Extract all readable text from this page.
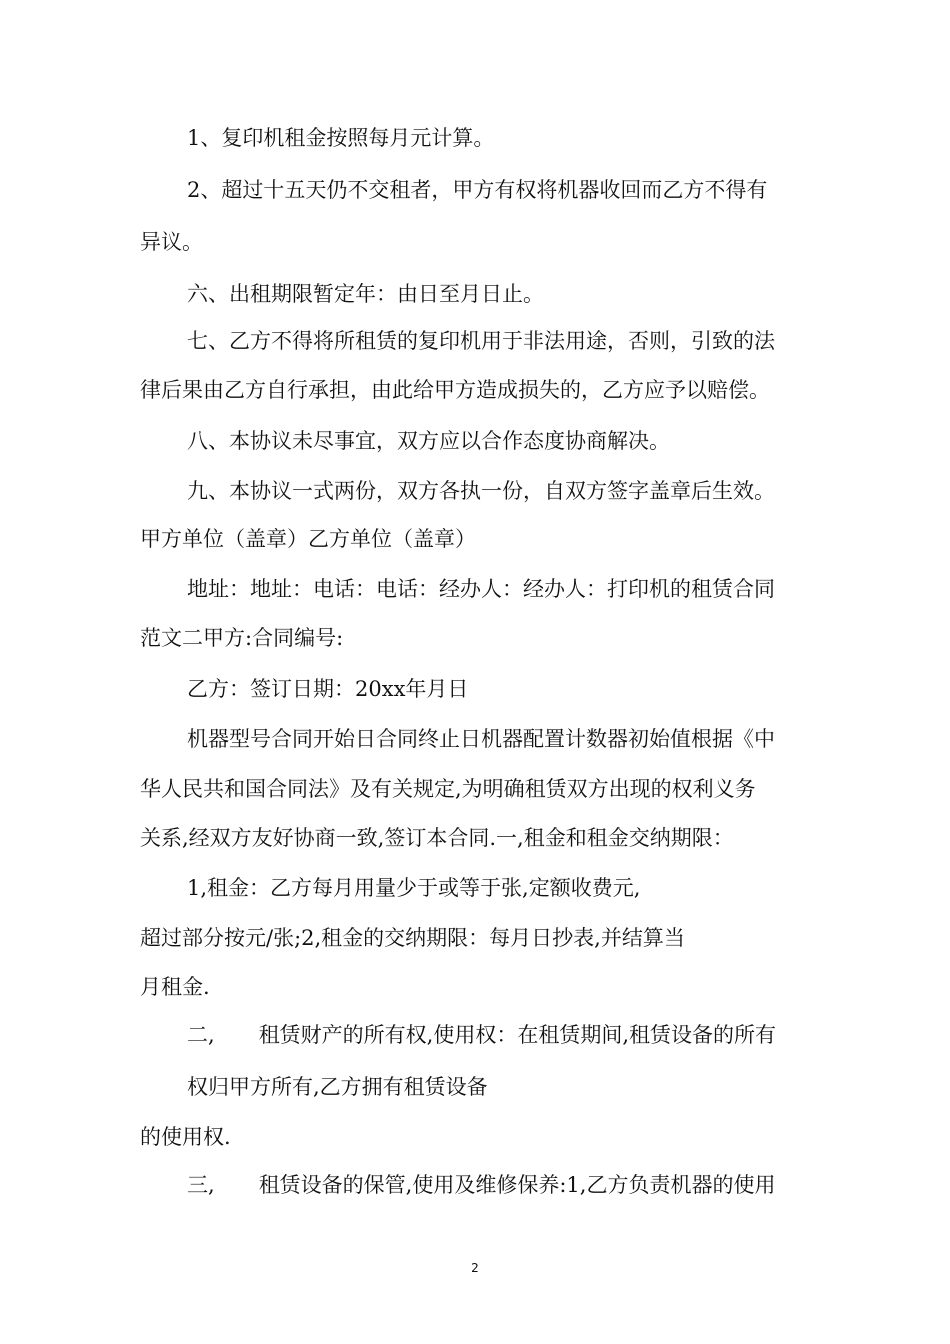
1、复印机租金按照每月元计算。

2、超过十五天仍不交租者，甲方有权将机器收回而乙方不得有

异议。

六、出租期限暂定年：由日至月日止。

七、乙方不得将所租赁的复印机用于非法用途，否则，引致的法

律后果由乙方自行承担，由此给甲方造成损失的，乙方应予以赔偿。

八、本协议未尽事宜，双方应以合作态度协商解决。

九、本协议一式两份，双方各执一份，自双方签字盖章后生效。

甲方单位（盖章）乙方单位（盖章）

地址：地址：电话：电话：经办人：经办人：打印机的租赁合同

范文二甲方:合同编号:

乙方：签订日期：20xx年月日

机器型号合同开始日合同终止日机器配置计数器初始值根据《中

华人民共和国合同法》及有关规定,为明确租赁双方出现的权利义务

关系,经双方友好协商一致,签订本合同.一,租金和租金交纳期限：

1,租金：乙方每月用量少于或等于张,定额收费元,

超过部分按元/张;2,租金的交纳期限：每月日抄表,并结算当

月租金.

二, 租赁财产的所有权,使用权：在租赁期间,租赁设备的所有

权归甲方所有,乙方拥有租赁设备

的使用权.

三, 租赁设备的保管,使用及维修保养:1,乙方负责机器的使用

2
